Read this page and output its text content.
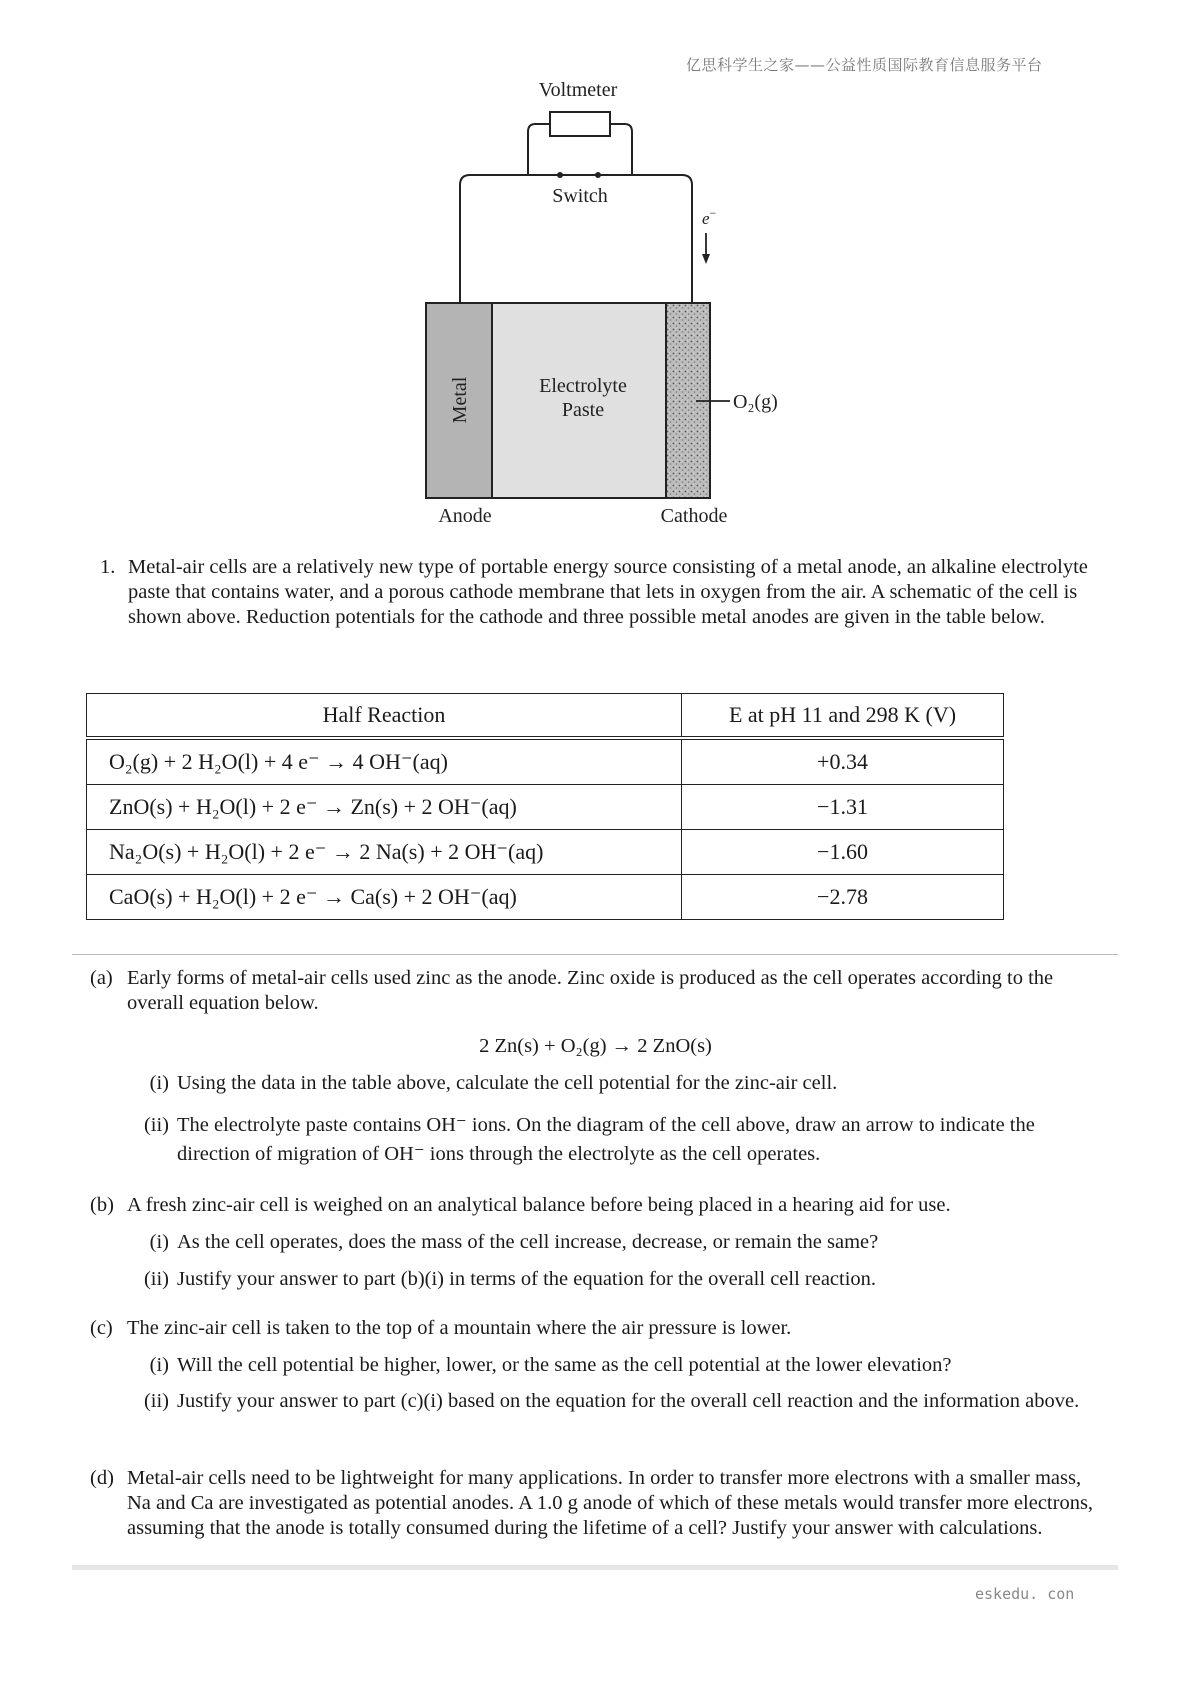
亿思科学生之家——公益性质国际教育信息服务平台
Voltmeter
Switch
e−
Metal	Electrolyte
Paste	O₂(g)
Anode	Cathode
1. Metal-air cells are a relatively new type of portable energy source consisting of a metal anode, an alkaline electrolyte paste that contains water, and a porous cathode membrane that lets in oxygen from the air. A schematic of the cell is shown above. Reduction potentials for the cathode and three possible metal anodes are given in the table below.
Half Reaction	E at pH 11 and 298 K (V)
O₂(g) + 2 H₂O(l) + 4 e⁻ → 4 OH⁻(aq)	+0.34
ZnO(s) + H₂O(l) + 2 e⁻ → Zn(s) + 2 OH⁻(aq)	−1.31
Na₂O(s) + H₂O(l) + 2 e⁻ → 2 Na(s) + 2 OH⁻(aq)	−1.60
CaO(s) + H₂O(l) + 2 e⁻ → Ca(s) + 2 OH⁻(aq)	−2.78
(a) Early forms of metal-air cells used zinc as the anode. Zinc oxide is produced as the cell operates according to the overall equation below.
2 Zn(s) + O₂(g) → 2 ZnO(s)
(i) Using the data in the table above, calculate the cell potential for the zinc-air cell.
(ii) The electrolyte paste contains OH⁻ ions. On the diagram of the cell above, draw an arrow to indicate the direction of migration of OH⁻ ions through the electrolyte as the cell operates.
(b) A fresh zinc-air cell is weighed on an analytical balance before being placed in a hearing aid for use.
(i) As the cell operates, does the mass of the cell increase, decrease, or remain the same?
(ii) Justify your answer to part (b)(i) in terms of the equation for the overall cell reaction.
(c) The zinc-air cell is taken to the top of a mountain where the air pressure is lower.
(i) Will the cell potential be higher, lower, or the same as the cell potential at the lower elevation?
(ii) Justify your answer to part (c)(i) based on the equation for the overall cell reaction and the information above.
(d) Metal-air cells need to be lightweight for many applications. In order to transfer more electrons with a smaller mass, Na and Ca are investigated as potential anodes. A 1.0 g anode of which of these metals would transfer more electrons, assuming that the anode is totally consumed during the lifetime of a cell? Justify your answer with calculations.
eskedu. con
